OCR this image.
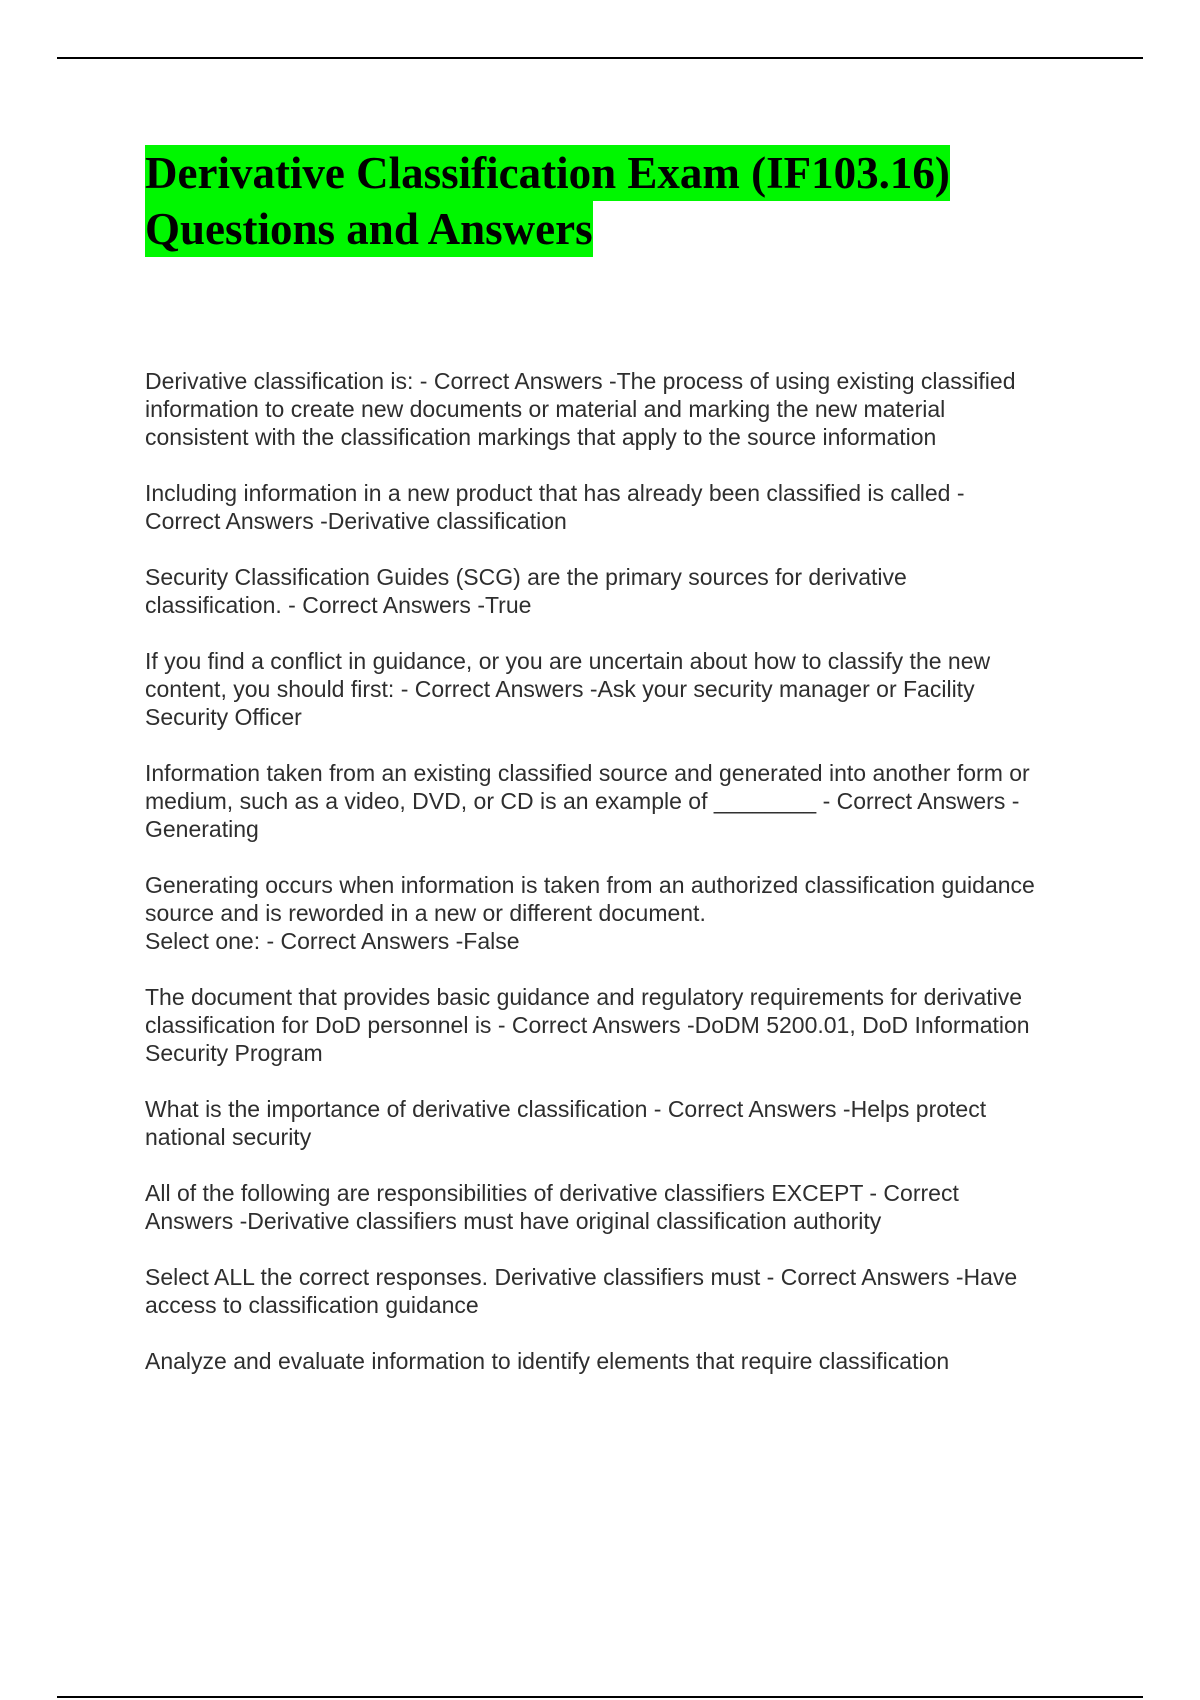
Derivative Classification Exam (IF103.16)
Questions and Answers

Derivative classification is: - Correct Answers -The process of using existing classified
information to create new documents or material and marking the new material
consistent with the classification markings that apply to the source information

Including information in a new product that has already been classified is called -
Correct Answers -Derivative classification

Security Classification Guides (SCG) are the primary sources for derivative
classification. - Correct Answers -True

If you find a conflict in guidance, or you are uncertain about how to classify the new
content, you should first: - Correct Answers -Ask your security manager or Facility
Security Officer

Information taken from an existing classified source and generated into another form or
medium, such as a video, DVD, or CD is an example of ________ - Correct Answers -
Generating

Generating occurs when information is taken from an authorized classification guidance
source and is reworded in a new or different document.
Select one: - Correct Answers -False

The document that provides basic guidance and regulatory requirements for derivative
classification for DoD personnel is - Correct Answers -DoDM 5200.01, DoD Information
Security Program

What is the importance of derivative classification - Correct Answers -Helps protect
national security

All of the following are responsibilities of derivative classifiers EXCEPT - Correct
Answers -Derivative classifiers must have original classification authority

Select ALL the correct responses. Derivative classifiers must - Correct Answers -Have
access to classification guidance

Analyze and evaluate information to identify elements that require classification
